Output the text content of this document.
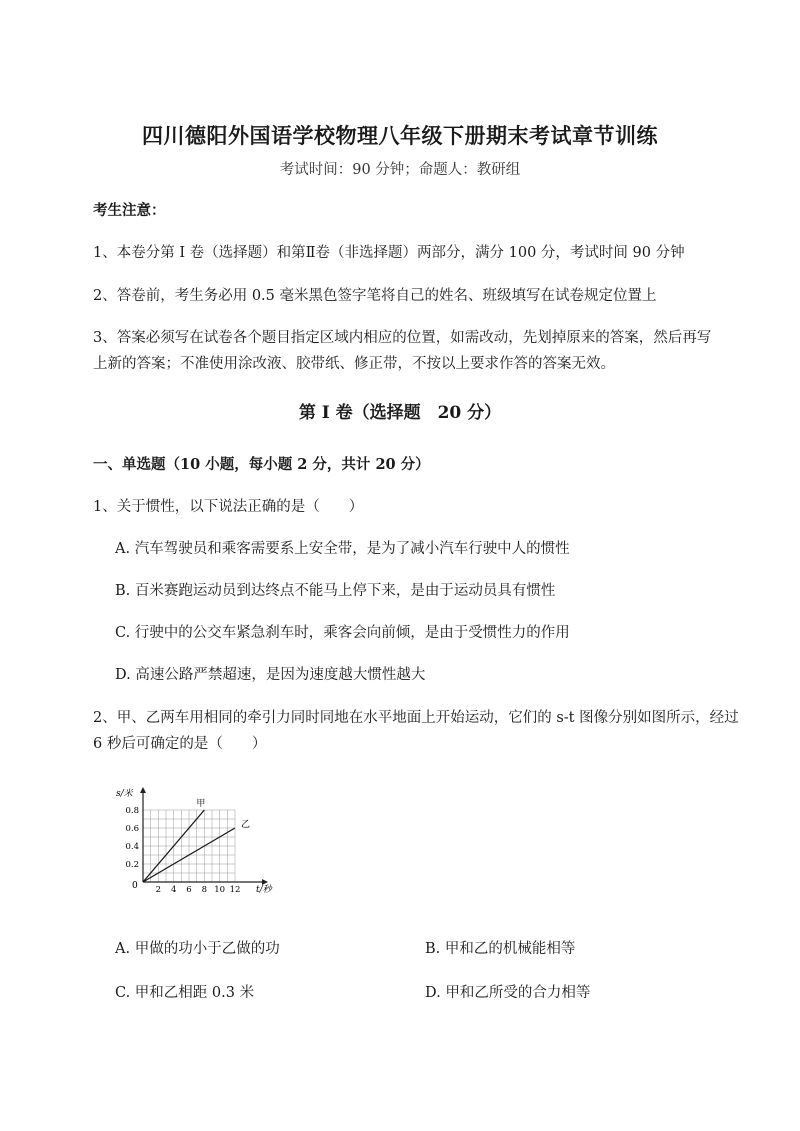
四川德阳外国语学校物理八年级下册期末考试章节训练
考试时间：90 分钟；命题人：教研组
考生注意：
1、本卷分第 I 卷（选择题）和第Ⅱ卷（非选择题）两部分，满分 100 分，考试时间 90 分钟
2、答卷前，考生务必用 0.5 毫米黑色签字笔将自己的姓名、班级填写在试卷规定位置上
3、答案必须写在试卷各个题目指定区域内相应的位置，如需改动，先划掉原来的答案，然后再写上新的答案；不准使用涂改液、胶带纸、修正带，不按以上要求作答的答案无效。
第 I 卷（选择题　20 分）
一、单选题（10 小题，每小题 2 分，共计 20 分）
1、关于惯性，以下说法正确的是（　　）
A. 汽车驾驶员和乘客需要系上安全带，是为了减小汽车行驶中人的惯性
B. 百米赛跑运动员到达终点不能马上停下来，是由于运动员具有惯性
C. 行驶中的公交车紧急刹车时，乘客会向前倾，是由于受惯性力的作用
D. 高速公路严禁超速，是因为速度越大惯性越大
2、甲、乙两车用相同的牵引力同时同地在水平地面上开始运动，它们的 s-t 图像分别如图所示，经过
6 秒后可确定的是（　　）
s/米
t/秒
0 2 4 6 8 10 12
0.2
0.4
0.6
0.8
甲
乙
A. 甲做的功小于乙做的功	B. 甲和乙的机械能相等
C. 甲和乙相距 0.3 米	D. 甲和乙所受的合力相等
